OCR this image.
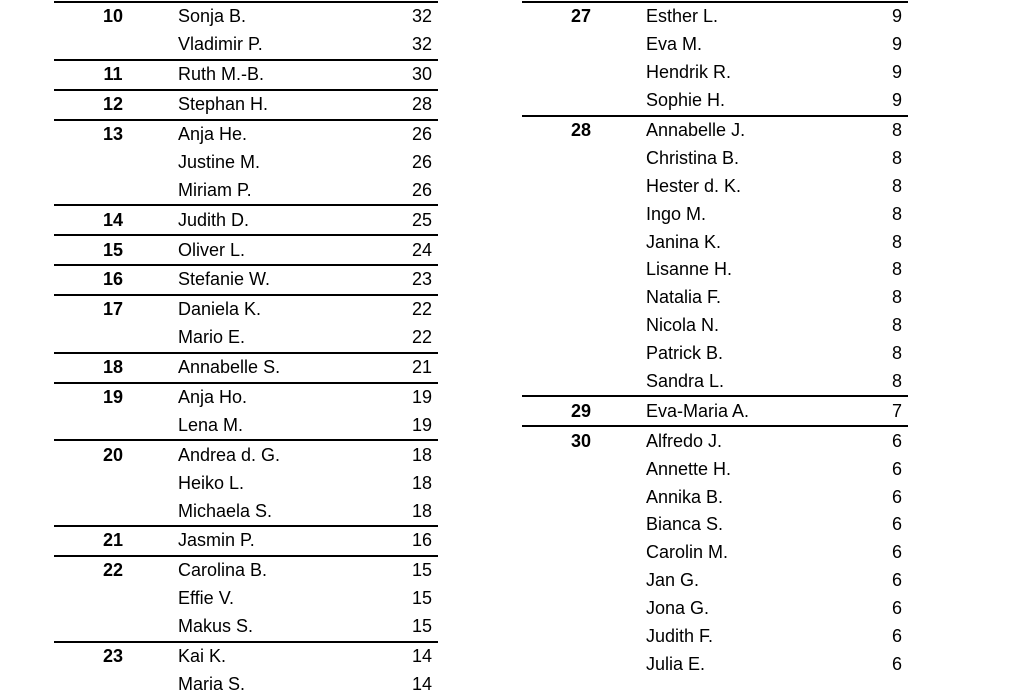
10	Sonja B.	32
Vladimir P.	32
11	Ruth M.-B.	30
12	Stephan H.	28
13	Anja He.	26
Justine M.	26
Miriam P.	26
14	Judith D.	25
15	Oliver L.	24
16	Stefanie W.	23
17	Daniela K.	22
Mario E.	22
18	Annabelle S.	21
19	Anja Ho.	19
Lena M.	19
20	Andrea d. G.	18
Heiko L.	18
Michaela S.	18
21	Jasmin P.	16
22	Carolina B.	15
Effie V.	15
Makus S.	15
23	Kai K.	14
Maria S.	14
27	Esther L.	9
Eva M.	9
Hendrik R.	9
Sophie H.	9
28	Annabelle J.	8
Christina B.	8
Hester d. K.	8
Ingo M.	8
Janina K.	8
Lisanne H.	8
Natalia F.	8
Nicola N.	8
Patrick B.	8
Sandra L.	8
29	Eva-Maria A.	7
30	Alfredo J.	6
Annette H.	6
Annika B.	6
Bianca S.	6
Carolin M.	6
Jan G.	6
Jona G.	6
Judith F.	6
Julia E.	6
